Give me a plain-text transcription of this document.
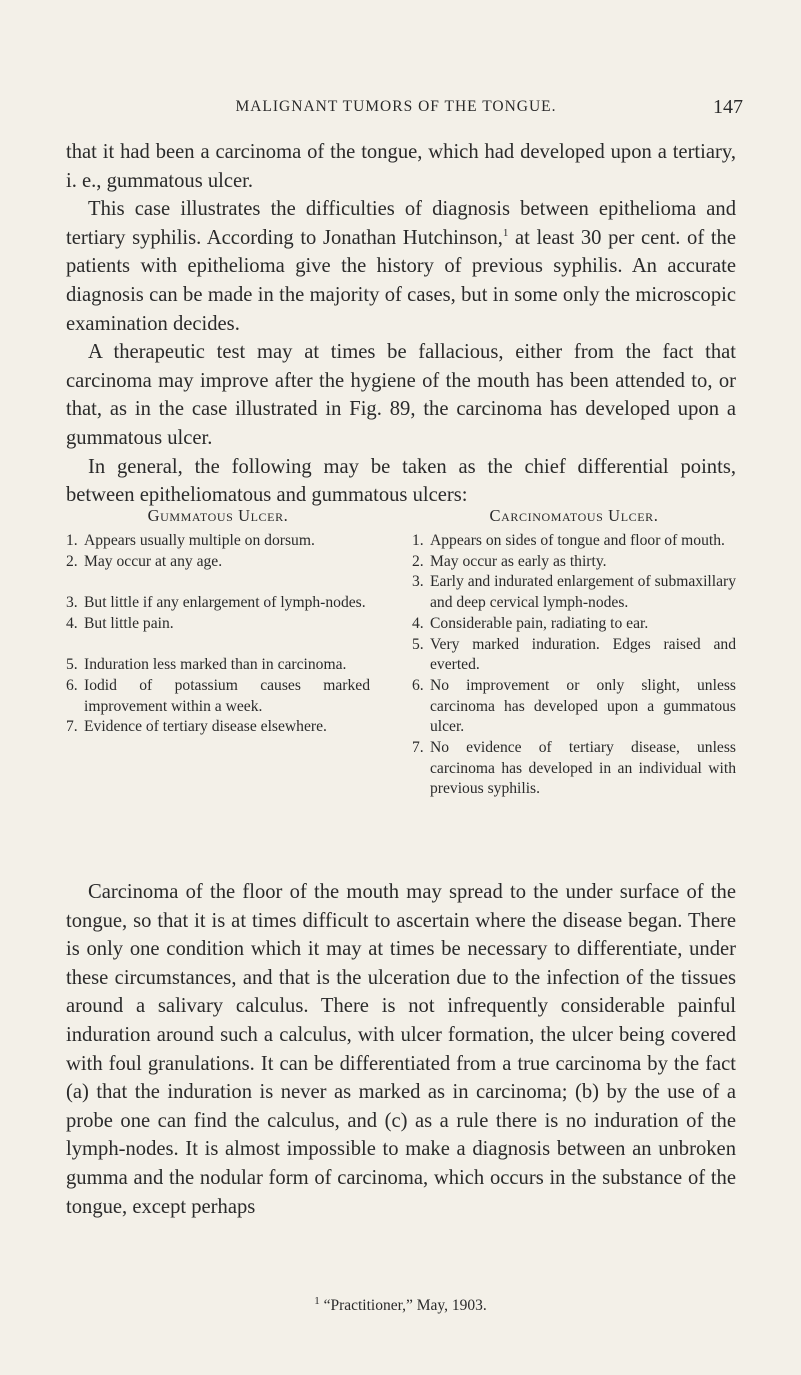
MALIGNANT TUMORS OF THE TONGUE.	147

that it had been a carcinoma of the tongue, which had developed upon a tertiary, i. e., gummatous ulcer.

This case illustrates the difficulties of diagnosis between epithelioma and tertiary syphilis. According to Jonathan Hutchinson,$^1$ at least 30 per cent. of the patients with epithelioma give the history of previous syphilis. An accurate diagnosis can be made in the majority of cases, but in some only the microscopic examination decides.

A therapeutic test may at times be fallacious, either from the fact that carcinoma may improve after the hygiene of the mouth has been attended to, or that, as in the case illustrated in Fig. 89, the carcinoma has developed upon a gummatous ulcer.

In general, the following may be taken as the chief differential points, between epitheliomatous and gummatous ulcers:

Gummatous Ulcer.
1. Appears usually multiple on dorsum.
2. May occur at any age.
3. But little if any enlargement of lymph-nodes.
4. But little pain.
5. Induration less marked than in carcinoma.
6. Iodid of potassium causes marked improvement within a week.
7. Evidence of tertiary disease elsewhere.
Carcinomatous Ulcer.
1. Appears on sides of tongue and floor of mouth.
2. May occur as early as thirty.
3. Early and indurated enlargement of submaxillary and deep cervical lymph-nodes.
4. Considerable pain, radiating to ear.
5. Very marked induration. Edges raised and everted.
6. No improvement or only slight, unless carcinoma has developed upon a gummatous ulcer.
7. No evidence of tertiary disease, unless carcinoma has developed in an individual with previous syphilis.

Carcinoma of the floor of the mouth may spread to the under surface of the tongue, so that it is at times difficult to ascertain where the disease began. There is only one condition which it may at times be necessary to differentiate, under these circumstances, and that is the ulceration due to the infection of the tissues around a salivary calculus. There is not infrequently considerable painful induration around such a calculus, with ulcer formation, the ulcer being covered with foul granulations. It can be differentiated from a true carcinoma by the fact (a) that the induration is never as marked as in carcinoma; (b) by the use of a probe one can find the calculus, and (c) as a rule there is no induration of the lymph-nodes. It is almost impossible to make a diagnosis between an unbroken gumma and the nodular form of carcinoma, which occurs in the substance of the tongue, except perhaps

$^1$ “Practitioner,” May, 1903.
